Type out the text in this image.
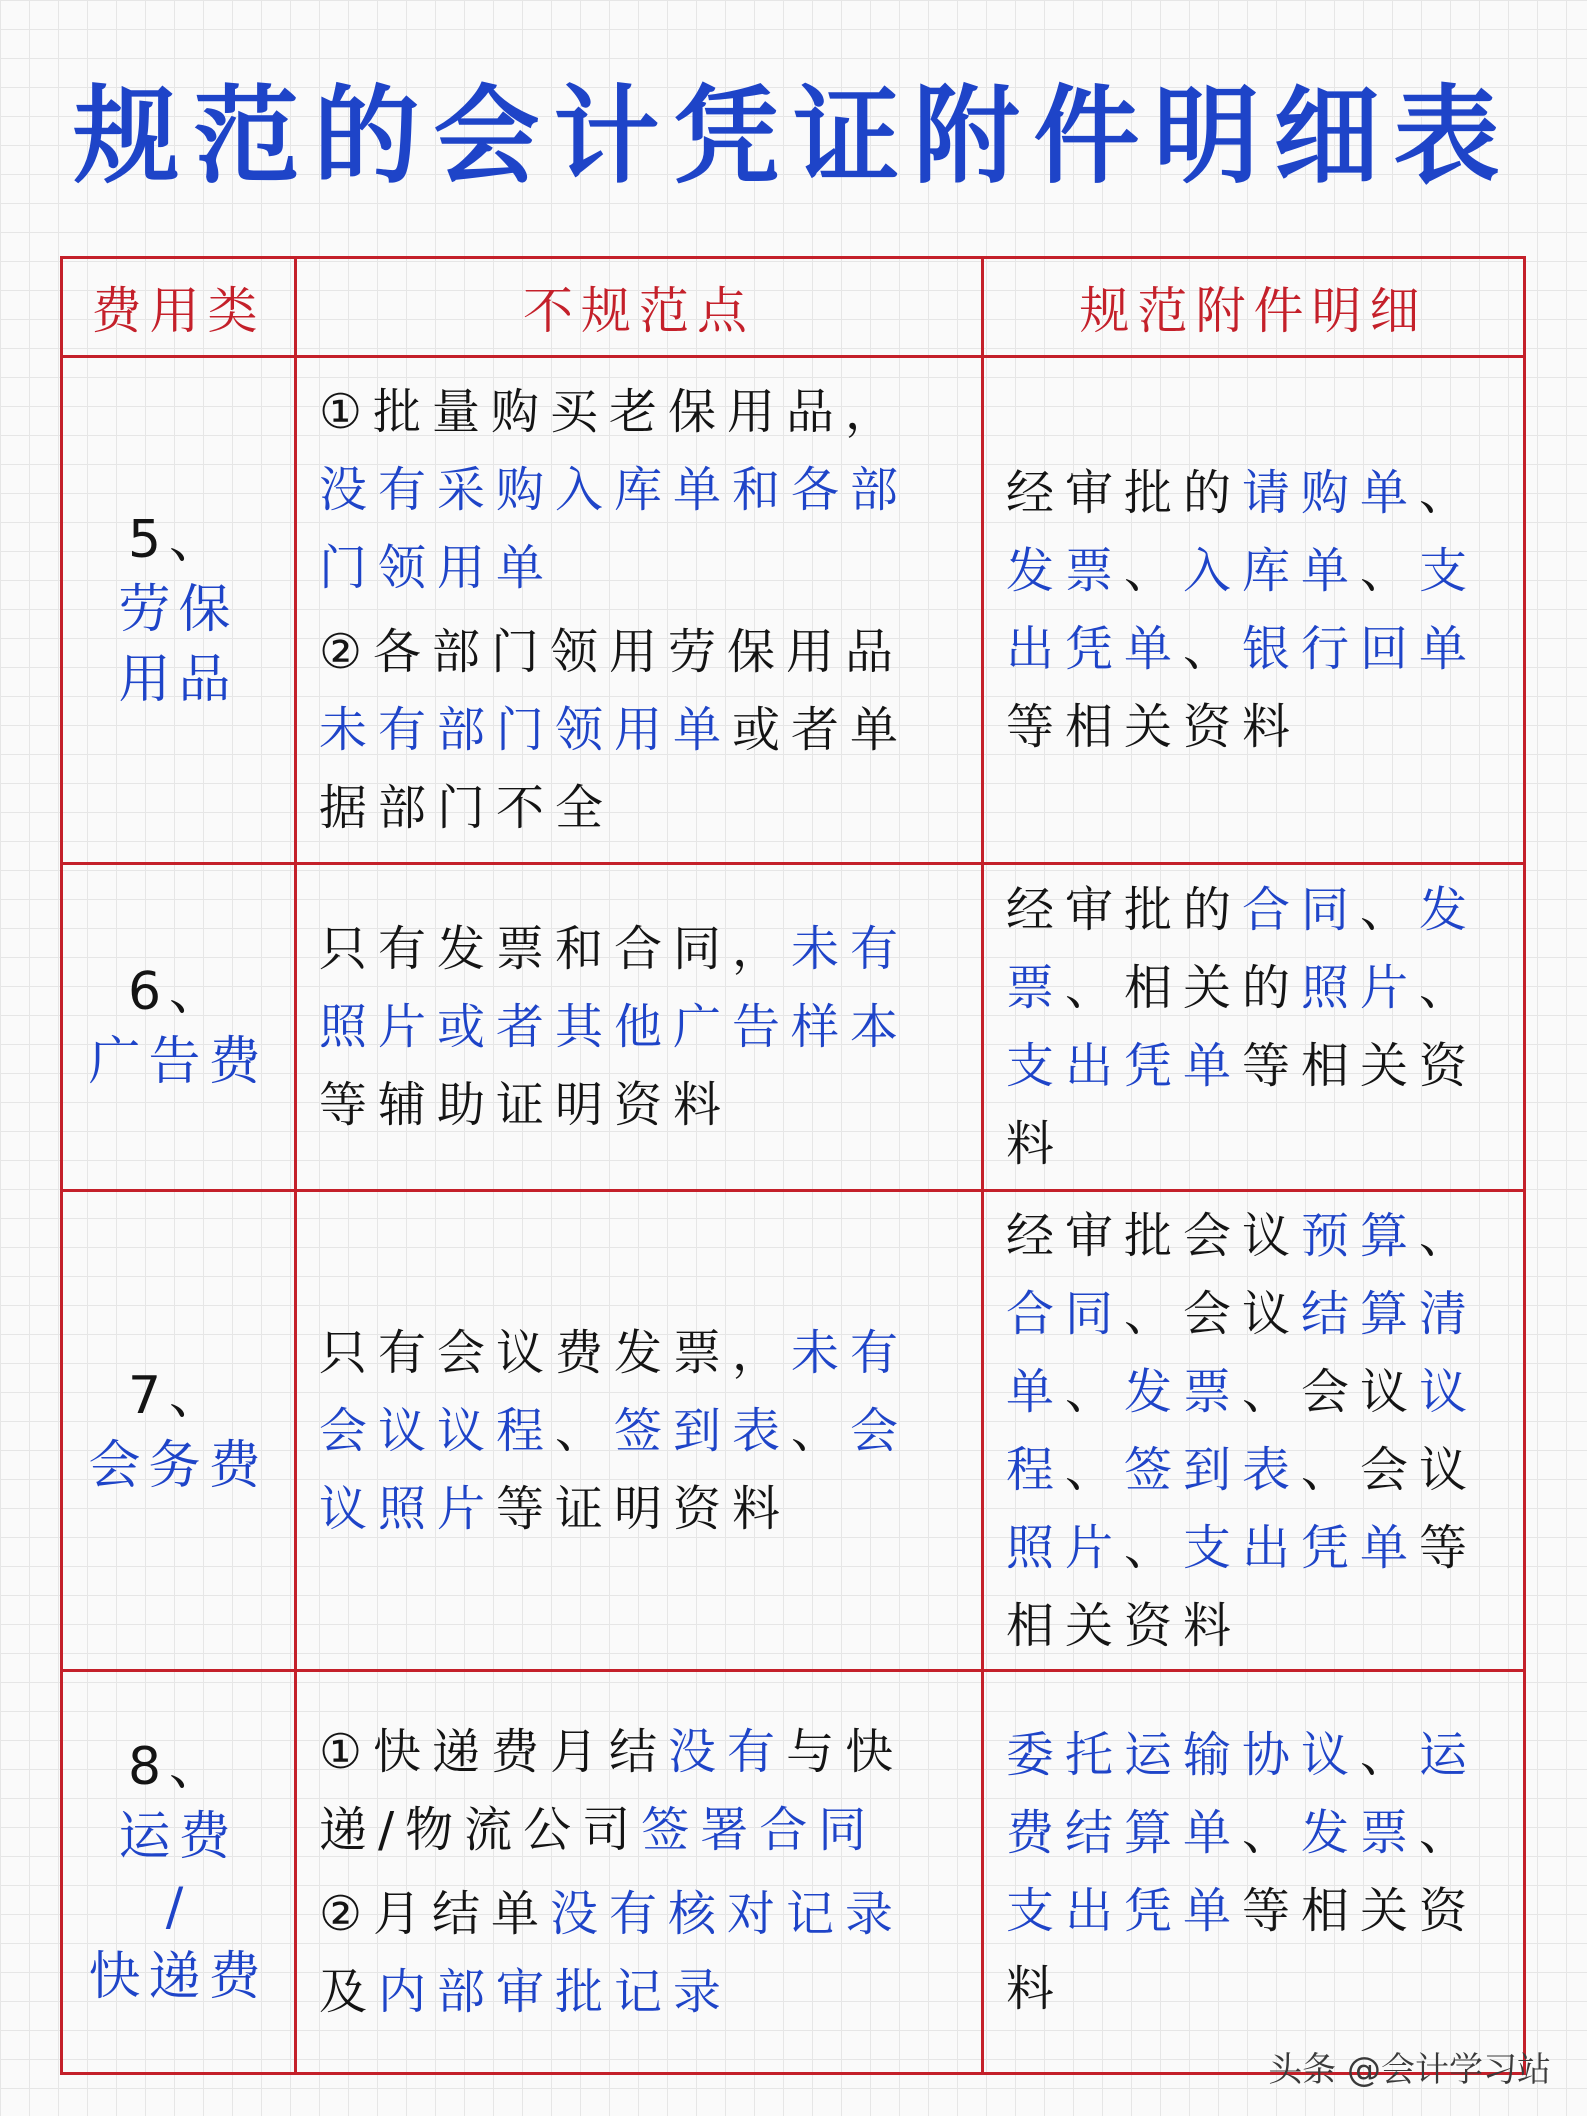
规范的会计凭证附件明细表
费用类	不规范点	规范附件明细
5、
劳保
用品

①批量购买老保用品，没有采购入库单和各部门领用单

②各部门领用劳保用品未有部门领用单或者单据部门不全

经审批的请购单、发票、入库单、支出凭单、银行回单等相关资料

6、
广告费

只有发票和合同，未有照片或者其他广告样本等辅助证明资料

经审批的合同、发票、相关的照片、支出凭单等相关资料

7、
会务费

只有会议费发票，未有会议议程、签到表、会议照片等证明资料

经审批会议预算、合同、会议结算清单、发票、会议议程、签到表、会议照片、支出凭单等相关资料

8、
运费
/
快递费

①快递费月结没有与快递/物流公司签署合同

②月结单没有核对记录及内部审批记录

委托运输协议、运费结算单、发票、支出凭单等相关资料

头条 @会计学习站
